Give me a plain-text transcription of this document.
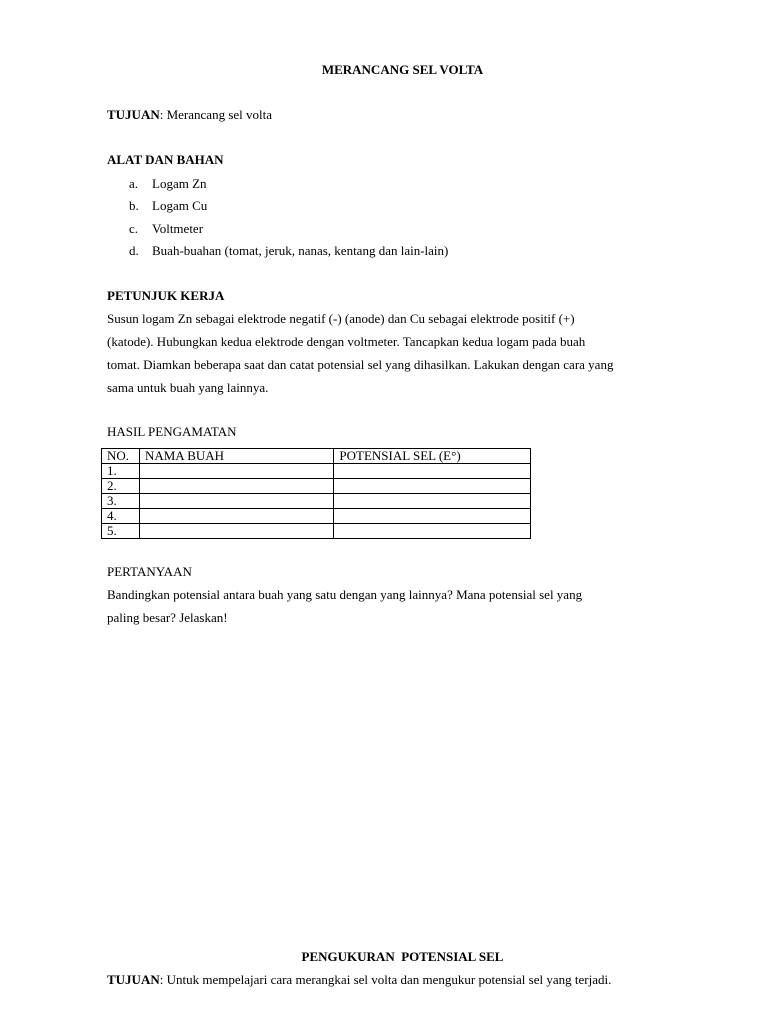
MERANCANG SEL VOLTA
TUJUAN: Merancang sel volta
ALAT DAN BAHAN
a. Logam Zn
b. Logam Cu
c. Voltmeter
d. Buah-buahan (tomat, jeruk, nanas, kentang dan lain-lain)
PETUNJUK KERJA
Susun logam Zn sebagai elektrode negatif (-) (anode) dan Cu sebagai elektrode positif (+)
(katode). Hubungkan kedua elektrode dengan voltmeter. Tancapkan kedua logam pada buah
tomat. Diamkan beberapa saat dan catat potensial sel yang dihasilkan. Lakukan dengan cara yang
sama untuk buah yang lainnya.
HASIL PENGAMATAN
NO.	NAMA BUAH	POTENSIAL SEL (E°)
1.		
2.		
3.		
4.		
5.		
PERTANYAAN
Bandingkan potensial antara buah yang satu dengan yang lainnya? Mana potensial sel yang
paling besar? Jelaskan!
PENGUKURAN  POTENSIAL SEL
TUJUAN: Untuk mempelajari cara merangkai sel volta dan mengukur potensial sel yang terjadi.
